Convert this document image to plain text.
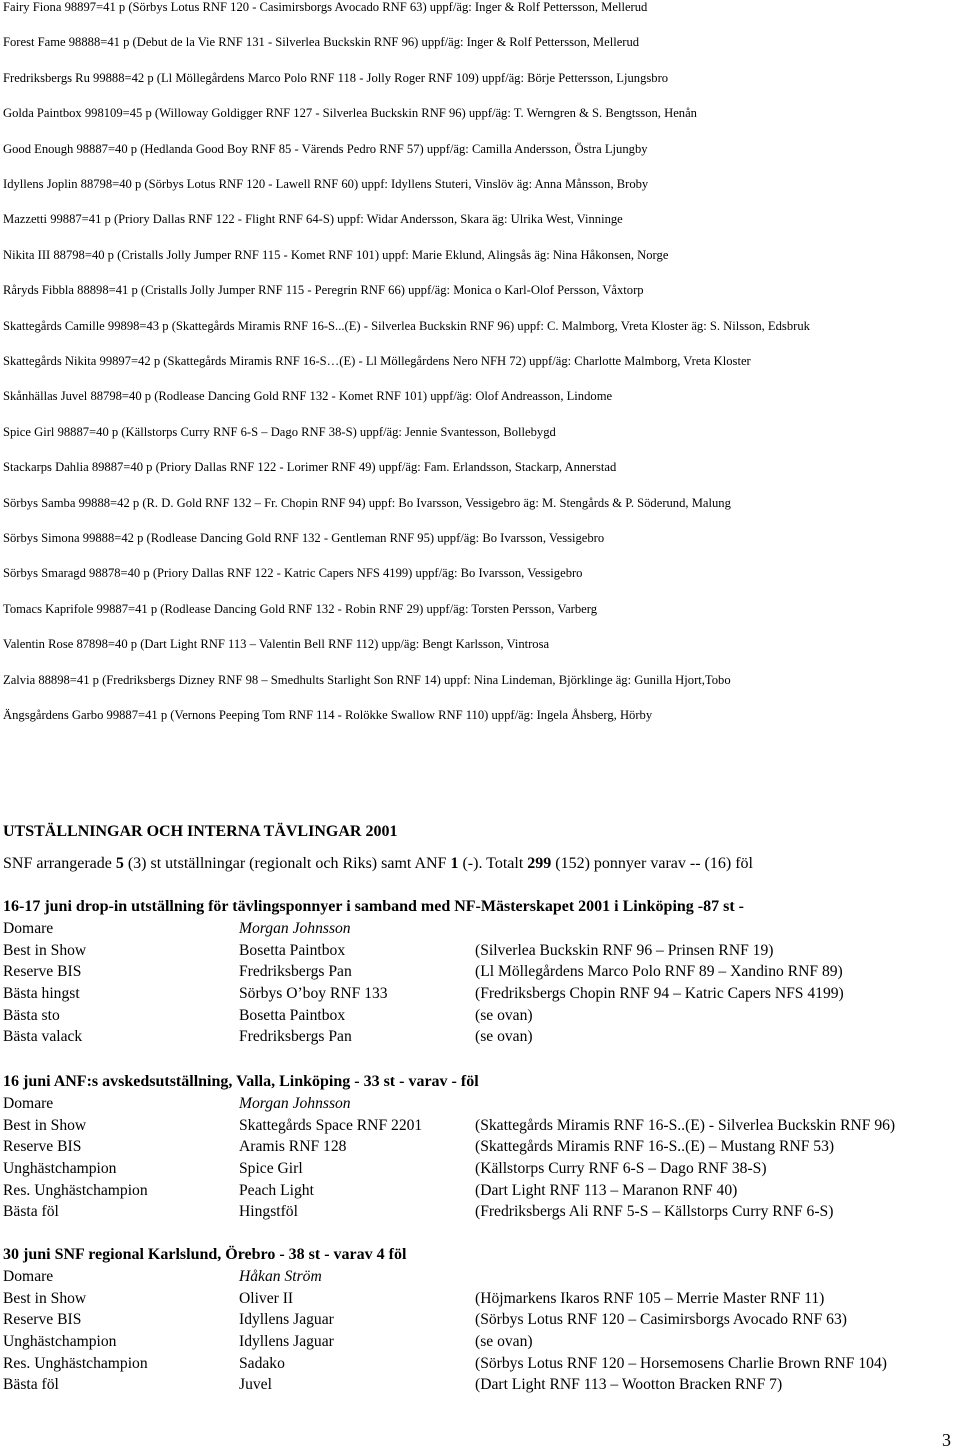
Fairy Fiona 98897=41 p (Sörbys Lotus RNF 120 - Casimirsborgs Avocado RNF 63) uppf/äg: Inger & Rolf Pettersson, Mellerud
Forest Fame 98888=41 p (Debut de la Vie RNF 131 - Silverlea Buckskin RNF 96) uppf/äg: Inger & Rolf Pettersson, Mellerud
Fredriksbergs Ru 99888=42 p (Ll Möllegårdens Marco Polo RNF 118 - Jolly Roger RNF 109) uppf/äg: Börje Pettersson, Ljungsbro
Golda Paintbox 998109=45 p (Willoway Goldigger RNF 127 - Silverlea Buckskin RNF 96) uppf/äg: T. Werngren & S. Bengtsson, Henån
Good Enough 98887=40 p (Hedlanda Good Boy RNF 85 - Värends Pedro RNF 57) uppf/äg: Camilla Andersson, Östra Ljungby
Idyllens Joplin 88798=40 p (Sörbys Lotus RNF 120 - Lawell RNF 60) uppf: Idyllens Stuteri, Vinslöv äg: Anna Månsson, Broby
Mazzetti 99887=41 p (Priory Dallas RNF 122 - Flight RNF 64-S) uppf: Widar Andersson, Skara äg: Ulrika West, Vinninge
Nikita III 88798=40 p (Cristalls Jolly Jumper RNF 115 - Komet RNF 101) uppf: Marie Eklund, Alingsås äg: Nina Håkonsen, Norge
Råryds Fibbla 88898=41 p (Cristalls Jolly Jumper RNF 115 - Peregrin RNF 66) uppf/äg: Monica o Karl-Olof Persson, Våxtorp
Skattegårds Camille 99898=43 p (Skattegårds Miramis RNF 16-S...(E) - Silverlea Buckskin RNF 96) uppf: C. Malmborg, Vreta Kloster äg: S. Nilsson, Edsbruk
Skattegårds Nikita 99897=42 p (Skattegårds Miramis RNF 16-S…(E) - Ll Möllegårdens Nero NFH 72) uppf/äg: Charlotte Malmborg, Vreta Kloster
Skånhällas Juvel 88798=40 p (Rodlease Dancing Gold RNF 132 - Komet RNF 101) uppf/äg: Olof Andreasson, Lindome
Spice Girl 98887=40 p (Källstorps Curry RNF 6-S – Dago RNF 38-S) uppf/äg: Jennie Svantesson, Bollebygd
Stackarps Dahlia 89887=40 p (Priory Dallas RNF 122 - Lorimer RNF 49) uppf/äg: Fam. Erlandsson, Stackarp, Annerstad
Sörbys Samba 99888=42 p (R. D. Gold RNF 132 – Fr. Chopin RNF 94) uppf: Bo Ivarsson, Vessigebro äg: M. Stengårds & P. Söderund, Malung
Sörbys Simona 99888=42 p (Rodlease Dancing Gold RNF 132 - Gentleman RNF 95) uppf/äg: Bo Ivarsson, Vessigebro
Sörbys Smaragd 98878=40 p (Priory Dallas RNF 122 - Katric Capers NFS 4199) uppf/äg: Bo Ivarsson, Vessigebro
Tomacs Kaprifole 99887=41 p (Rodlease Dancing Gold RNF 132 - Robin RNF 29) uppf/äg: Torsten Persson, Varberg
Valentin Rose 87898=40 p (Dart Light RNF 113 – Valentin Bell RNF 112) upp/äg: Bengt Karlsson, Vintrosa
Zalvia 88898=41 p (Fredriksbergs Dizney RNF 98 – Smedhults Starlight Son RNF 14) uppf: Nina Lindeman, Björklinge äg: Gunilla Hjort,Tobo
Ängsgårdens Garbo 99887=41 p (Vernons Peeping Tom RNF 114 - Rolökke Swallow RNF 110) uppf/äg: Ingela Åhsberg, Hörby
UTSTÄLLNINGAR OCH INTERNA TÄVLINGAR 2001
SNF arrangerade 5 (3) st utställningar (regionalt och Riks) samt ANF 1 (-). Totalt 299 (152) ponnyer varav -- (16) föl
16-17 juni drop-in utställning för tävlingsponnyer i samband med NF-Mästerskapet 2001 i Linköping -87 st -
Domare	Morgan Johnsson
Best in Show	Bosetta Paintbox	(Silverlea Buckskin RNF 96 – Prinsen RNF 19)
Reserve BIS	Fredriksbergs Pan	(Ll Möllegårdens Marco Polo RNF 89 – Xandino RNF 89)
Bästa hingst	Sörbys O’boy RNF 133	(Fredriksbergs Chopin RNF 94 – Katric Capers NFS 4199)
Bästa sto	Bosetta Paintbox	(se ovan)
Bästa valack	Fredriksbergs Pan	(se ovan)
16 juni ANF:s avskedsutställning, Valla, Linköping - 33 st - varav - föl
Domare	Morgan Johnsson
Best in Show	Skattegårds Space RNF 2201	(Skattegårds Miramis RNF 16-S..(E) - Silverlea Buckskin RNF 96)
Reserve BIS	Aramis RNF 128	(Skattegårds Miramis RNF 16-S..(E) – Mustang RNF 53)
Unghästchampion	Spice Girl	(Källstorps Curry RNF 6-S – Dago RNF 38-S)
Res. Unghästchampion	Peach Light	(Dart Light RNF 113 – Maranon RNF 40)
Bästa föl	Hingstföl	(Fredriksbergs Ali RNF 5-S – Källstorps Curry RNF 6-S)
30 juni SNF regional Karlslund, Örebro - 38 st - varav 4 föl
Domare	Håkan Ström
Best in Show	Oliver II	(Höjmarkens Ikaros RNF 105 – Merrie Master RNF 11)
Reserve BIS	Idyllens Jaguar	(Sörbys Lotus RNF 120 – Casimirsborgs Avocado RNF 63)
Unghästchampion	Idyllens Jaguar	(se ovan)
Res. Unghästchampion	Sadako	(Sörbys Lotus RNF 120 – Horsemosens Charlie Brown RNF 104)
Bästa föl	Juvel	(Dart Light RNF 113 – Wootton Bracken RNF 7)
3
